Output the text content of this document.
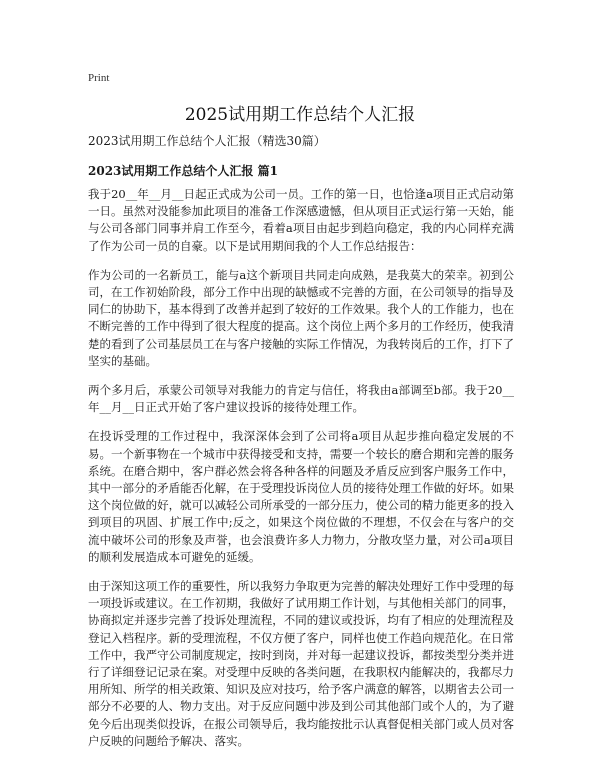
Print
2025试用期工作总结个人汇报

2023试用期工作总结个人汇报（精选30篇）

2023试用期工作总结个人汇报 篇1

我于20__年__月__日起正式成为公司一员。工作的第一日，也恰逢a项目正式启动第一日。虽然对没能参加此项目的准备工作深感遗憾，但从项目正式运行第一天始，能与公司各部门同事并肩工作至今，看着a项目由起步到趋向稳定，我的内心同样充满了作为公司一员的自豪。以下是试用期间我的个人工作总结报告：

作为公司的一名新员工，能与a这个新项目共同走向成熟，是我莫大的荣幸。初到公司，在工作初始阶段，部分工作中出现的缺憾或不完善的方面，在公司领导的指导及同仁的协助下，基本得到了改善并起到了较好的工作效果。我个人的工作能力，也在不断完善的工作中得到了很大程度的提高。这个岗位上两个多月的工作经历，使我清楚的看到了公司基层员工在与客户接触的实际工作情况，为我转岗后的工作，打下了坚实的基础。

两个多月后，承蒙公司领导对我能力的肯定与信任，将我由a部调至b部。我于20__年__月__日正式开始了客户建议投诉的接待处理工作。

在投诉受理的工作过程中，我深深体会到了公司将a项目从起步推向稳定发展的不易。一个新事物在一个城市中获得接受和支持，需要一个较长的磨合期和完善的服务系统。在磨合期中，客户群必然会将各种各样的问题及矛盾反应到客户服务工作中，其中一部分的矛盾能否化解，在于受理投诉岗位人员的接待处理工作做的好坏。如果这个岗位做的好，就可以减轻公司所承受的一部分压力，使公司的精力能更多的投入到项目的巩固、扩展工作中;反之，如果这个岗位做的不理想，不仅会在与客户的交流中破坏公司的形象及声誉，也会浪费许多人力物力，分散攻坚力量，对公司a项目的顺利发展造成本可避免的延缓。

由于深知这项工作的重要性，所以我努力争取更为完善的解决处理好工作中受理的每一项投诉或建议。在工作初期，我做好了试用期工作计划，与其他相关部门的同事，协商拟定并逐步完善了投诉处理流程，不同的建议或投诉，均有了相应的处理流程及登记入档程序。新的受理流程，不仅方便了客户，同样也使工作趋向规范化。在日常工作中，我严守公司制度规定，按时到岗，并对每一起建议投诉，都按类型分类并进行了详细登记记录在案。对受理中反映的各类问题，在我职权内能解决的，我都尽力用所知、所学的相关政策、知识及应对技巧，给予客户满意的解答，以期省去公司一部分不必要的人、物力支出。对于反应问题中涉及到公司其他部门或个人的，为了避免今后出现类似投诉，在报公司领导后，我均能按批示认真督促相关部门或人员对客户反映的问题给予解决、落实。
